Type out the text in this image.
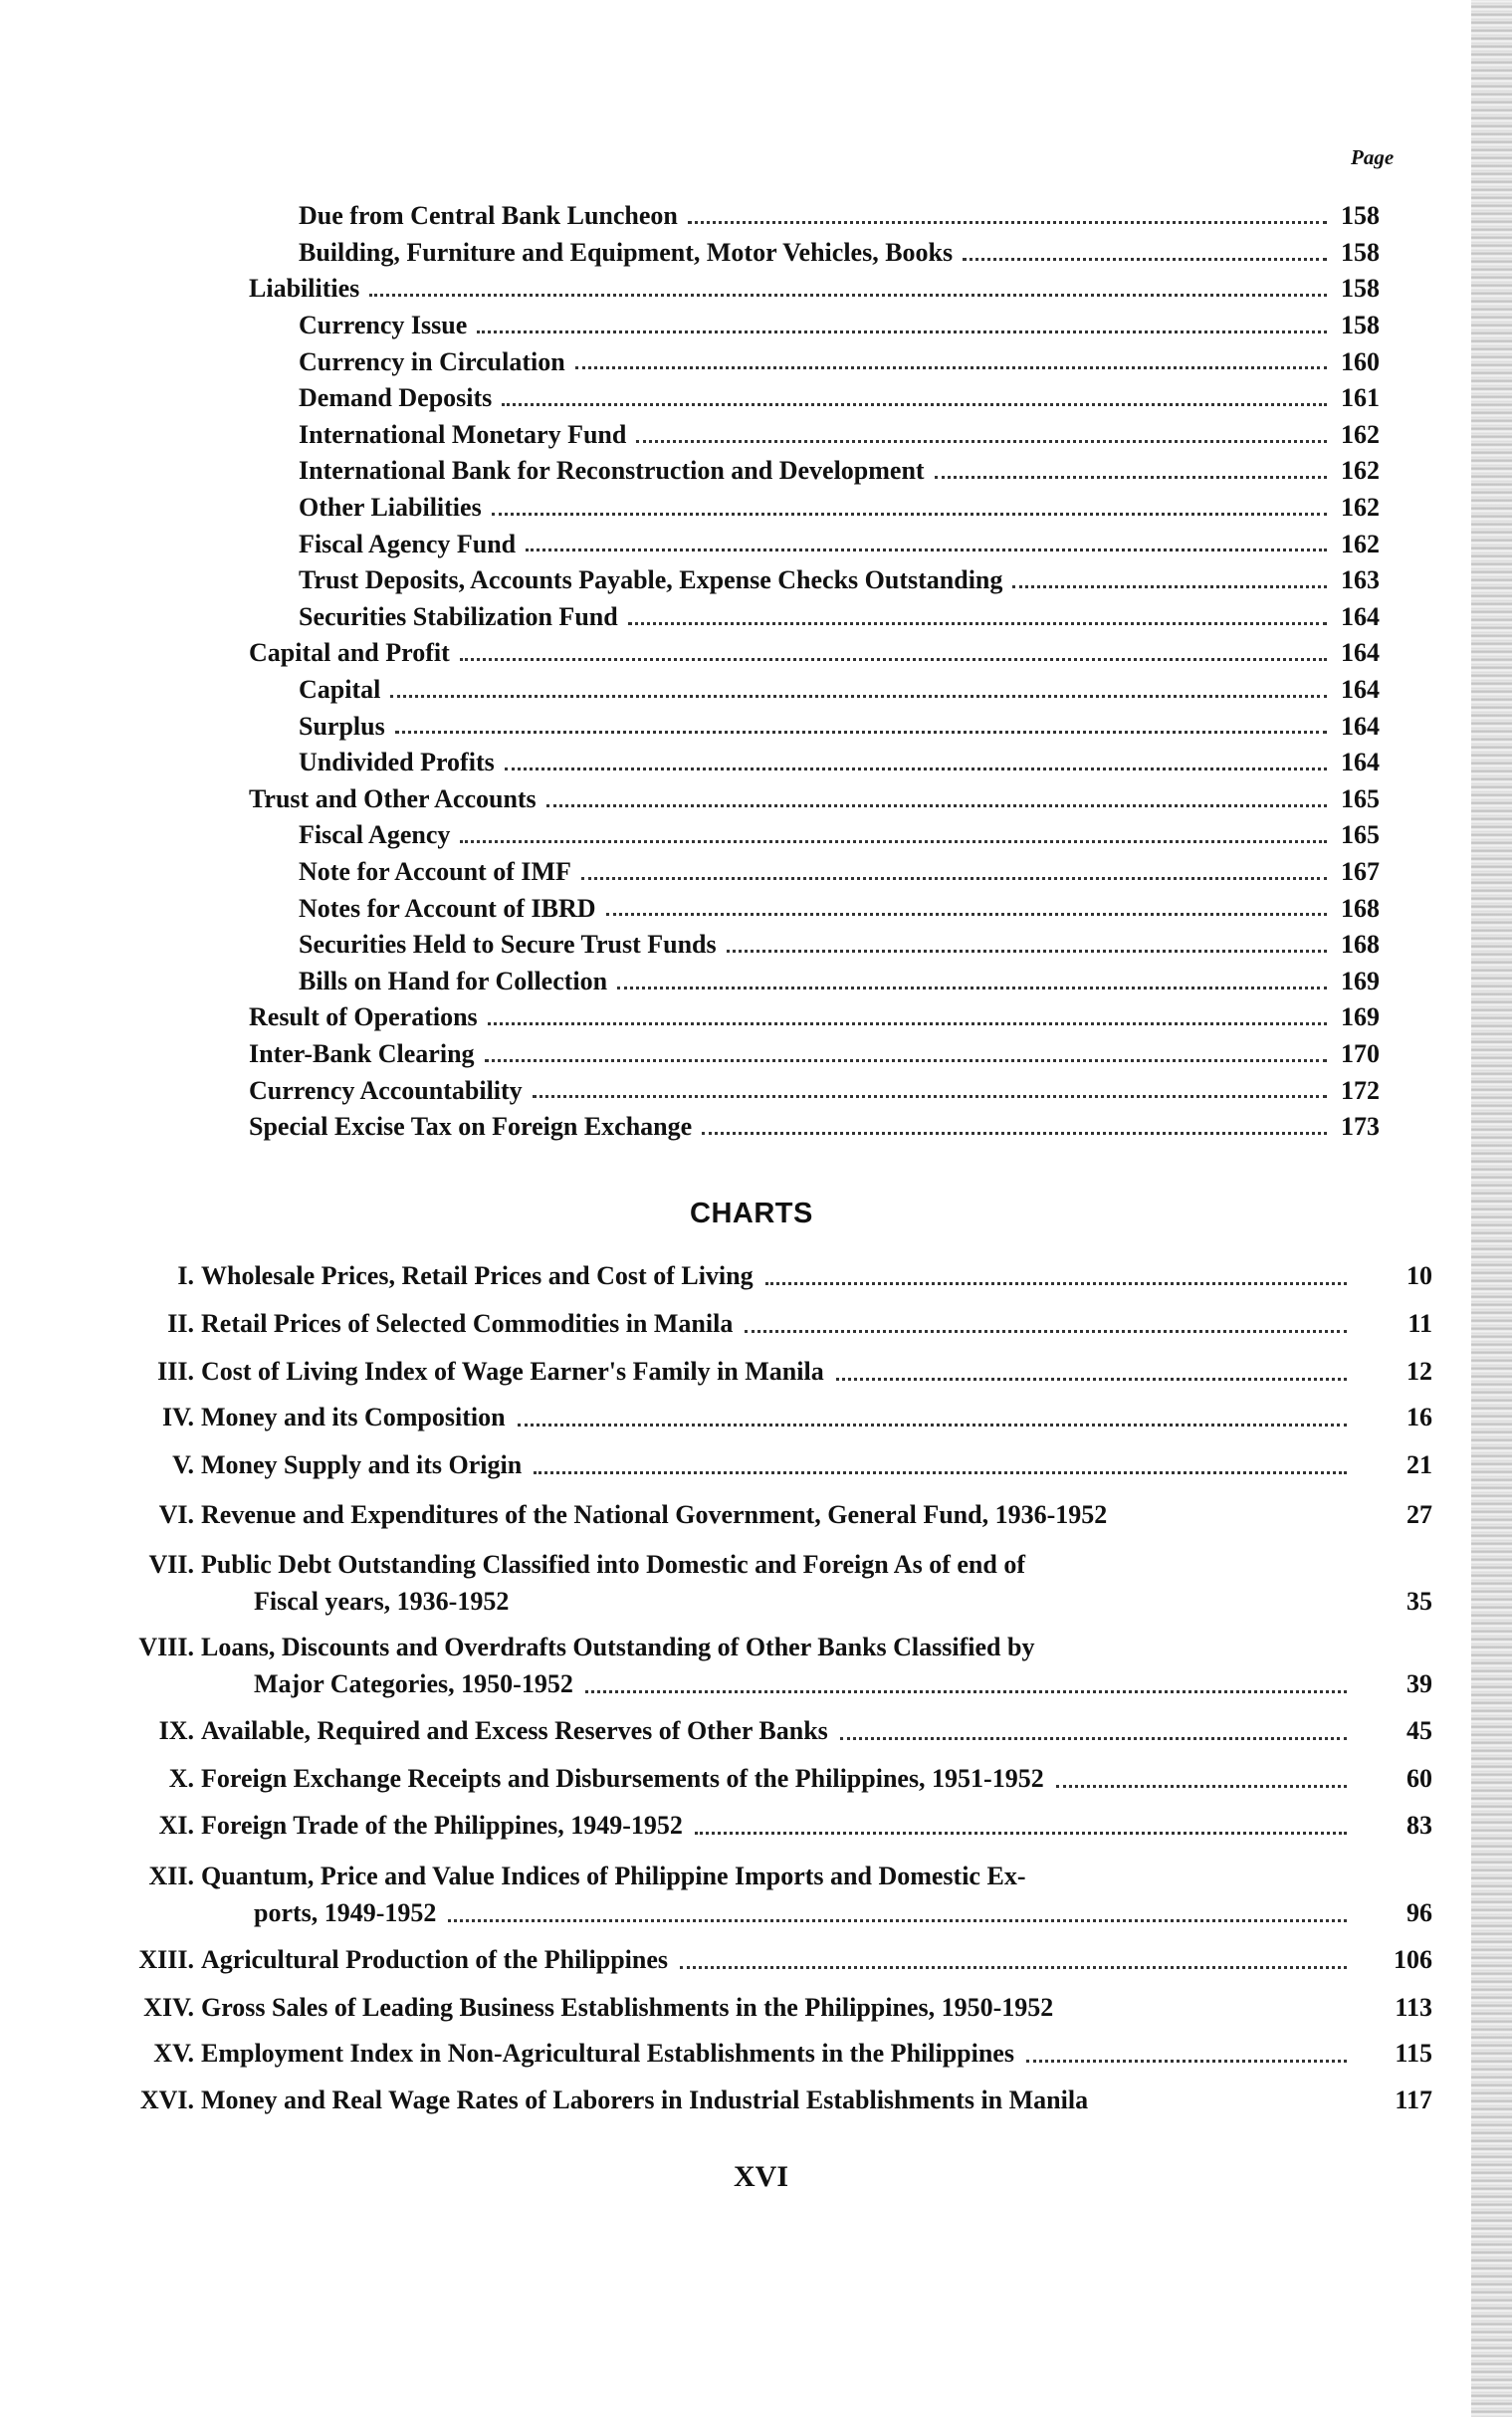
Page
Due from Central Bank Luncheon	158
Building, Furniture and Equipment, Motor Vehicles, Books	158
Liabilities	158
Currency Issue	158
Currency in Circulation	160
Demand Deposits	161
International Monetary Fund	162
International Bank for Reconstruction and Development	162
Other Liabilities	162
Fiscal Agency Fund	162
Trust Deposits, Accounts Payable, Expense Checks Outstanding	163
Securities Stabilization Fund	164
Capital and Profit	164
Capital	164
Surplus	164
Undivided Profits	164
Trust and Other Accounts	165
Fiscal Agency	165
Note for Account of IMF	167
Notes for Account of IBRD	168
Securities Held to Secure Trust Funds	168
Bills on Hand for Collection	169
Result of Operations	169
Inter-Bank Clearing	170
Currency Accountability	172
Special Excise Tax on Foreign Exchange	173
CHARTS
I. Wholesale Prices, Retail Prices and Cost of Living	10
II. Retail Prices of Selected Commodities in Manila	11
III. Cost of Living Index of Wage Earner's Family in Manila	12
IV. Money and its Composition	16
V. Money Supply and its Origin	21
VI. Revenue and Expenditures of the National Government, General Fund, 1936-1952	27
VII. Public Debt Outstanding Classified into Domestic and Foreign As of end of
Fiscal years, 1936-1952	35
VIII. Loans, Discounts and Overdrafts Outstanding of Other Banks Classified by
Major Categories, 1950-1952	39
IX. Available, Required and Excess Reserves of Other Banks	45
X. Foreign Exchange Receipts and Disbursements of the Philippines, 1951-1952	60
XI. Foreign Trade of the Philippines, 1949-1952	83
XII. Quantum, Price and Value Indices of Philippine Imports and Domestic Ex-
ports, 1949-1952	96
XIII. Agricultural Production of the Philippines	106
XIV. Gross Sales of Leading Business Establishments in the Philippines, 1950-1952	113
XV. Employment Index in Non-Agricultural Establishments in the Philippines	115
XVI. Money and Real Wage Rates of Laborers in Industrial Establishments in Manila	117
XVI
